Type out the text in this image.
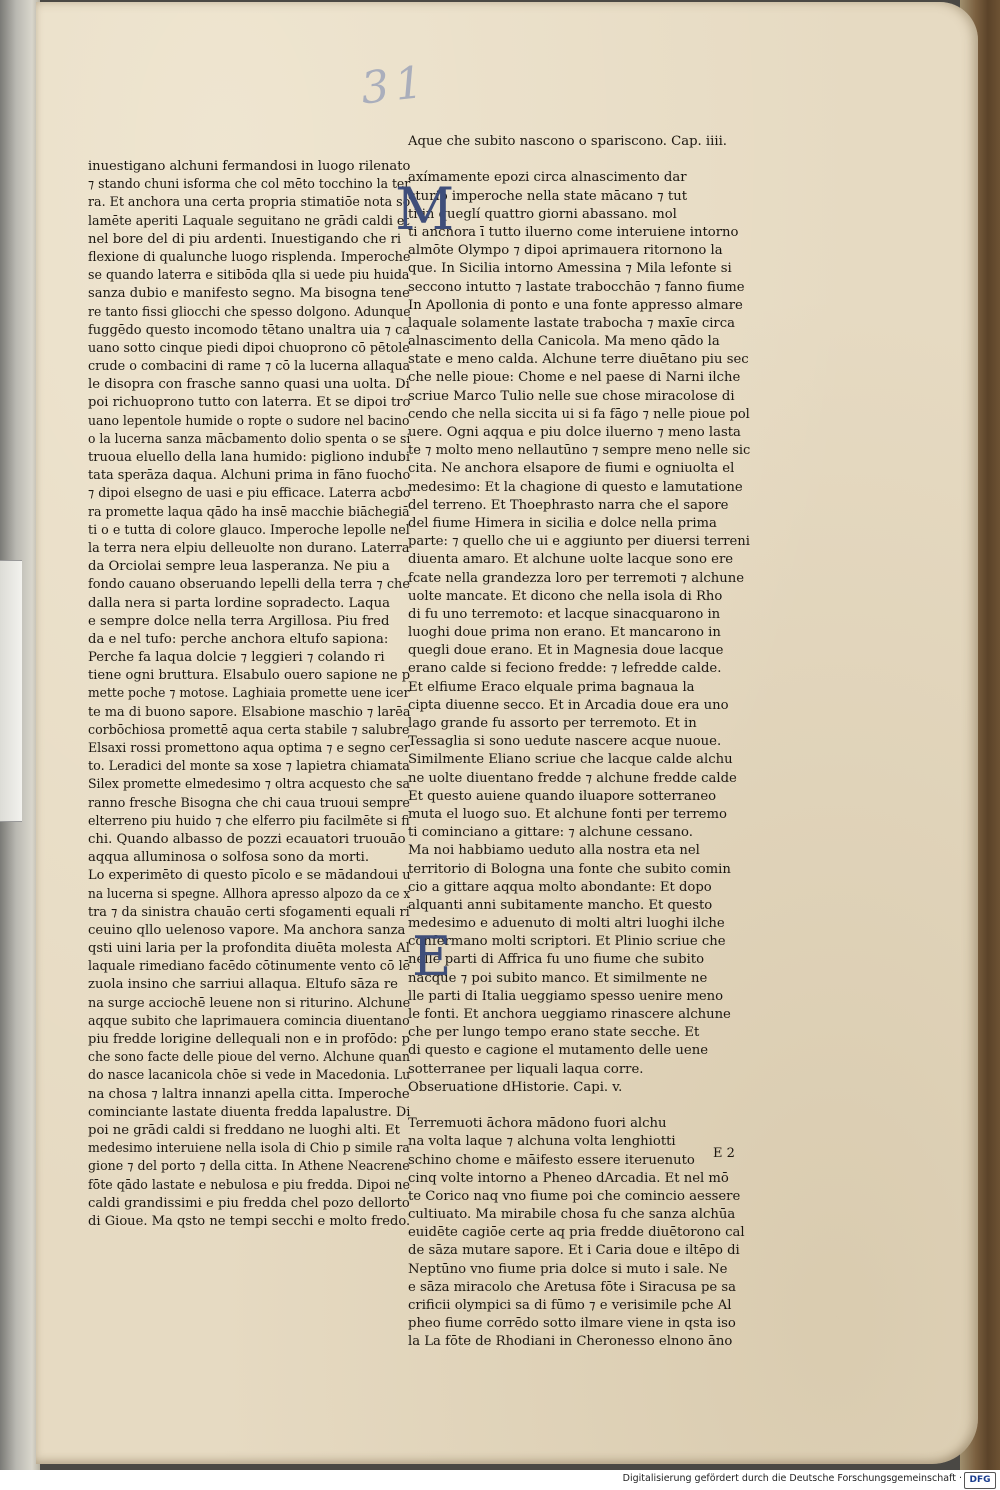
31
inuestigano alchuni fermandosi in luogo rilenato
⁊ stando chuni isforma che col mēto tocchino la ter
ra. Et anchora una certa propria stimatiōe nota so
lamēte aperiti Laquale seguitano ne grādi caldi et
nel bore del di piu ardenti. Inuestigando che ri
flexione di qualunche luogo risplenda. Imperoche
se quando laterra e sitibōda qlla si uede piu huida
sanza dubio e manifesto segno. Ma bisogna tene
re tanto fissi gliocchi che spesso dolgono. Adunque
fuggēdo questo incomodo tētano unaltra uia ⁊ ca
uano sotto cinque piedi dipoi chuoprono cō pētole
crude o combacini di rame ⁊ cō la lucerna allaqua
le disopra con frasche sanno quasi una uolta. Di
poi richuoprono tutto con laterra. Et se dipoi tro
uano lepentole humide o ropte o sudore nel bacino
o la lucerna sanza mācbamento dolio spenta o se si
truoua eluello della lana humido: pigliono indubi
tata sperāza daqua. Alchuni prima in fāno fuocho
⁊ dipoi elsegno de uasi e piu efficace. Laterra acbo
ra promette laqua qādo ha insē macchie biāchegiā
ti o e tutta di colore glauco. Imperoche lepolle nel
la terra nera elpiu delleuolte non durano. Laterra
da Orciolai sempre leua lasperanza. Ne piu a
fondo cauano obseruando lepelli della terra ⁊ che
dalla nera si parta lordine sopradecto. Laqua
e sempre dolce nella terra Argillosa. Piu fred
da e nel tufo: perche anchora eltufo sapiona:
Perche fa laqua dolcie ⁊ leggieri ⁊ colando ri
tiene ogni bruttura. Elsabulo ouero sapione ne p
mette poche ⁊ motose. Laghiaia promette uene icer
te ma di buono sapore. Elsabione maschio ⁊ larēa
corbōchiosa promettē aqua certa stabile ⁊ salubre
Elsaxi rossi promettono aqua optima ⁊ e segno cer
to. Leradici del monte sa xose ⁊ lapietra chiamata
Silex promette elmedesimo ⁊ oltra acquesto che sa
ranno fresche Bisogna che chi caua truoui sempre
elterreno piu huido ⁊ che elferro piu facilmēte si fi
chi. Quando albasso de pozzi ecauatori truouāo
aqqua alluminosa o solfosa sono da morti.
Lo experimēto di questo pīcolo e se mādandoui u
na lucerna si spegne. Allhora apresso alpozo da ce x
tra ⁊ da sinistra chauāo certi sfogamenti equali ri
ceuino qllo uelenoso vapore. Ma anchora sanza
qsti uini laria per la profondita diuēta molesta Al
laquale rimediano facēdo cōtinumente vento cō lē
zuola insino che sarriui allaqua. Eltufo sāza re
na surge acciochē leuene non si riturino. Alchune
aqque subito che laprimauera comincia diuentano
piu fredde lorigine dellequali non e in profōdo: p
che sono facte delle pioue del verno. Alchune quan
do nasce lacanicola chōe si vede in Macedonia. Lu
na chosa ⁊ laltra innanzi apella citta. Imperoche
cominciante lastate diuenta fredda lapalustre. Di
poi ne grādi caldi si freddano ne luoghi alti. Et
medesimo interuiene nella isola di Chio p simile ra
gione ⁊ del porto ⁊ della citta. In Athene Neacrene
fōte qādo lastate e nebulosa e piu fredda. Dipoi ne
caldi grandissimi e piu fredda chel pozo dellorto
di Gioue. Ma qsto ne tempi secchi e molto fredo.
Aque che subito nascono o spariscono. Cap. iiii.
axímamente epozi circa alnascimento dar
cturio imperoche nella state mācano ⁊ tut
ti in queglí quattro giorni abassano. mol
ti anchora ī tutto iluerno come interuiene intorno
almōte Olympo ⁊ dipoi aprimauera ritornono la
que. In Sicilia intorno Amessina ⁊ Mila lefonte si
seccono intutto ⁊ lastate trabocchāo ⁊ fanno fiume
In Apollonia di ponto e una fonte appresso almare
laquale solamente lastate trabocha ⁊ maxīe circa
alnascimento della Canicola. Ma meno qādo la
state e meno calda. Alchune terre diuētano piu sec
che nelle pioue: Chome e nel paese di Narni ilche
scriue Marco Tulio nelle sue chose miracolose di
cendo che nella siccita ui si fa fāgo ⁊ nelle pioue pol
uere. Ogni aqqua e piu dolce iluerno ⁊ meno lasta
te ⁊ molto meno nellautūno ⁊ sempre meno nelle sic
cita. Ne anchora elsapore de fiumi e ogniuolta el
medesimo: Et la chagione di questo e lamutatione
del terreno. Et Thoephrasto narra che el sapore
del fiume Himera in sicilia e dolce nella prima
parte: ⁊ quello che ui e aggiunto per diuersi terreni
diuenta amaro. Et alchune uolte lacque sono ere
fcate nella grandezza loro per terremoti ⁊ alchune
uolte mancate. Et dicono che nella isola di Rho
di fu uno terremoto: et lacque sinacquarono in
luoghi doue prima non erano. Et mancarono in
quegli doue erano. Et in Magnesia doue lacque
erano calde si feciono fredde: ⁊ lefredde calde.
Et elfiume Eraco elquale prima bagnaua la
cipta diuenne secco. Et in Arcadia doue era uno
lago grande fu assorto per terremoto. Et in
Tessaglia si sono uedute nascere acque nuoue.
Similmente Eliano scriue che lacque calde alchu
ne uolte diuentano fredde ⁊ alchune fredde calde
Et questo auiene quando iluapore sotterraneo
muta el luogo suo. Et alchune fonti per terremo
ti cominciano a gittare: ⁊ alchune cessano.
Ma noi habbiamo ueduto alla nostra eta nel
territorio di Bologna una fonte che subito comin
cio a gittare aqqua molto abondante: Et dopo
alquanti anni subitamente mancho. Et questo
medesimo e aduenuto di molti altri luoghi ilche
confermano molti scriptori. Et Plinio scriue che
nelle parti di Affrica fu uno fiume che subito
nacque ⁊ poi subito manco. Et similmente ne
lle parti di Italia ueggiamo spesso uenire meno
le fonti. Et anchora ueggiamo rinascere alchune
che per lungo tempo erano state secche. Et
di questo e cagione el mutamento delle uene
sotterranee per liquali laqua corre.
Obseruatione dHistorie. Capi. v.
Terremuoti āchora mādono fuori alchu
na volta laque ⁊ alchuna volta lenghiotti
schino chome e māifesto essere iteruenuto
cinq volte intorno a Pheneo dArcadia. Et nel mō
te Corico naq vno fiume poi che comincio aessere
cultiuato. Ma mirabile chosa fu che sanza alchūa
euidēte cagiōe certe aq pria fredde diuētorono cal
de sāza mutare sapore. Et i Caria doue e iltēpo di
Neptūno vno fiume pria dolce si muto i sale. Ne
e sāza miracolo che Aretusa fōte i Siracusa pe sa
crificii olympici sa di fūmo ⁊ e verisimile pche Al
pheo fiume corrēdo sotto ilmare viene in qsta iso
la La fōte de Rhodiani in Cheronesso elnono āno
M
E
E 2
Digitalisierung gefördert durch die Deutsche Forschungsgemeinschaft · DFG
